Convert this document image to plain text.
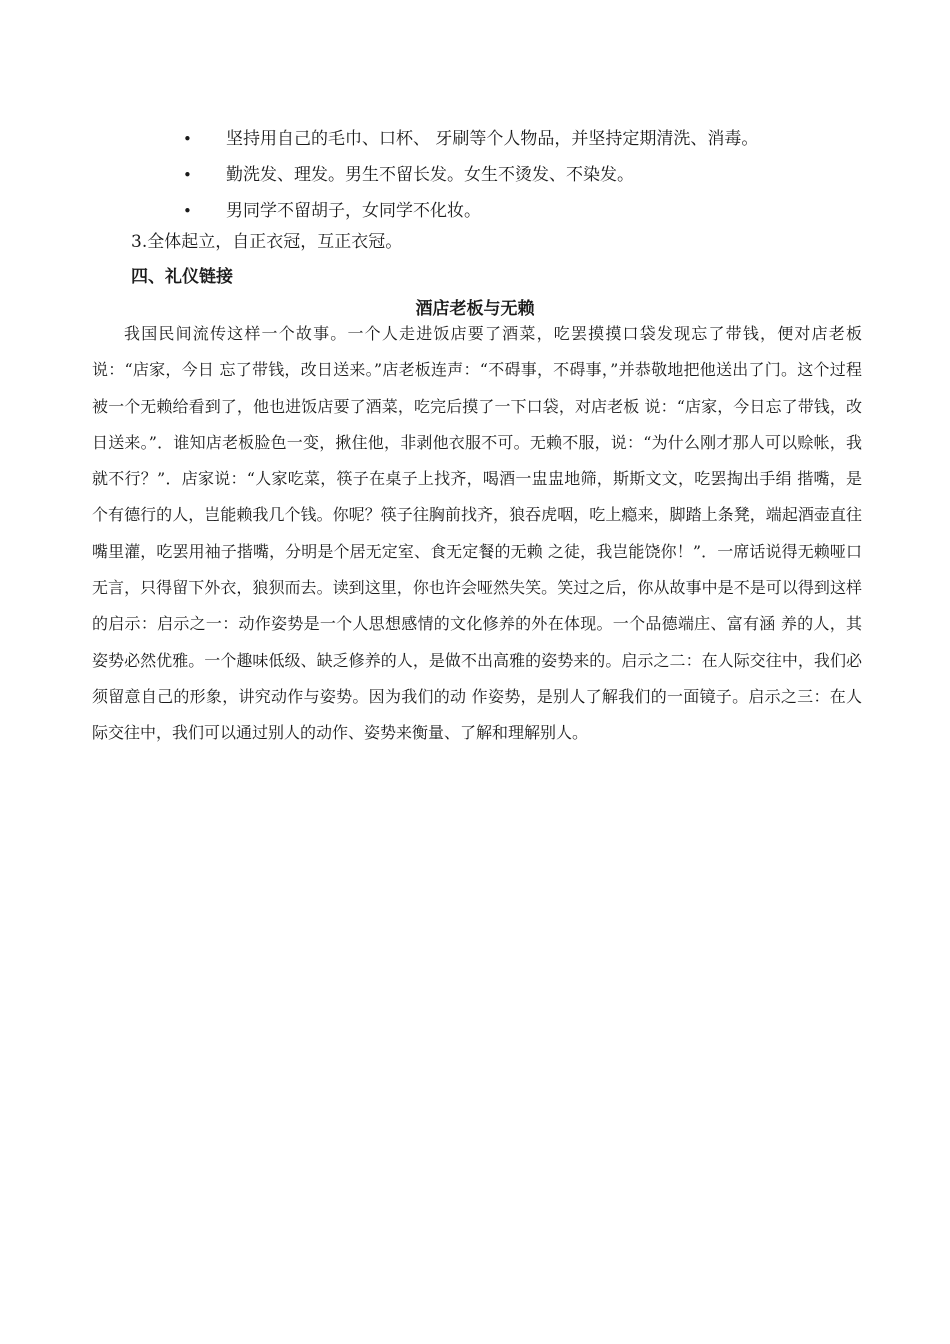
• 坚持用自己的毛巾、口杯、 牙刷等个人物品，并坚持定期清洗、消毒。
• 勤洗发、理发。男生不留长发。女生不烫发、不染发。
• 男同学不留胡子，女同学不化妆。
3.全体起立，自正衣冠，互正衣冠。
四、礼仪链接
酒店老板与无赖

我国民间流传这样一个故事。一个人走进饭店要了酒菜，吃罢摸摸口袋发现忘了带钱，便对店老板说：“店家，今日 忘了带钱，改日送来。”店老板连声：“不碍事，不碍事，”并恭敬地把他送出了门。这个过程被一个无赖给看到了，他也进饭店要了酒菜，吃完后摸了一下口袋，对店老板 说：“店家，今日忘了带钱，改日送来。”．谁知店老板脸色一变，揪住他，非剥他衣服不可。无赖不服，说：“为什么刚才那人可以赊帐，我就不行？”．店家说：“人家吃菜，筷子在桌子上找齐，喝酒一盅盅地筛，斯斯文文，吃罢掏出手绢 揩嘴，是个有德行的人，岂能赖我几个钱。你呢？筷子往胸前找齐，狼吞虎咽，吃上瘾来，脚踏上条凳，端起酒壶直往嘴里灌，吃罢用袖子揩嘴，分明是个居无定室、食无定餐的无赖 之徒，我岂能饶你！”．一席话说得无赖哑口无言，只得留下外衣，狼狈而去。读到这里，你也许会哑然失笑。笑过之后，你从故事中是不是可以得到这样的启示：启示之一：动作姿势是一个人思想感情的文化修养的外在体现。一个品德端庄、富有涵 养的人，其姿势必然优雅。一个趣味低级、缺乏修养的人，是做不出高雅的姿势来的。启示之二：在人际交往中，我们必须留意自己的形象，讲究动作与姿势。因为我们的动 作姿势，是别人了解我们的一面镜子。启示之三：在人际交往中，我们可以通过别人的动作、姿势来衡量、了解和理解别人。
